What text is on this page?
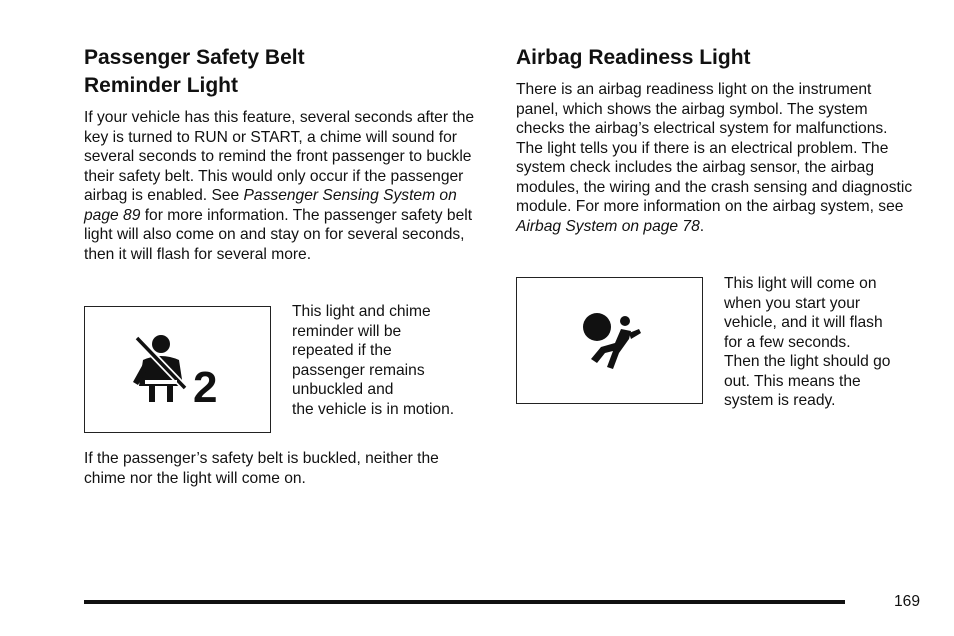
Passenger Safety Belt
Reminder Light

If your vehicle has this feature, several seconds after the key is turned to RUN or START, a chime will sound for several seconds to remind the front passenger to buckle their safety belt. This would only occur if the passenger airbag is enabled. See Passenger Sensing System on page 89 for more information. The passenger safety belt light will also come on and stay on for several seconds, then it will flash for several more.

2
This light and chime
reminder will be
repeated if the
passenger remains
unbuckled and
the vehicle is in motion.

If the passenger’s safety belt is buckled, neither the chime nor the light will come on.

Airbag Readiness Light

There is an airbag readiness light on the instrument panel, which shows the airbag symbol. The system checks the airbag’s electrical system for malfunctions. The light tells you if there is an electrical problem. The system check includes the airbag sensor, the airbag modules, the wiring and the crash sensing and diagnostic module. For more information on the airbag system, see Airbag System on page 78.

This light will come on
when you start your
vehicle, and it will flash
for a few seconds.
Then the light should go
out. This means the
system is ready.
169
